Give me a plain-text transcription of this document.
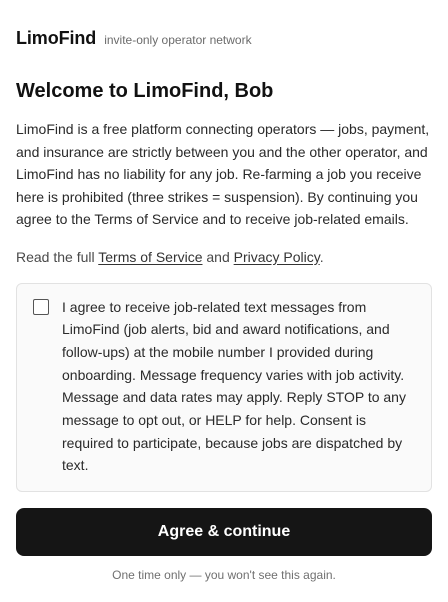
LimoFind invite-only operator network
Welcome to LimoFind, Bob

LimoFind is a free platform connecting operators — jobs, payment, and insurance are strictly between you and the other operator, and LimoFind has no liability for any job. Re-farming a job you receive here is prohibited (three strikes = suspension). By continuing you agree to the Terms of Service and to receive job-related emails.

Read the full Terms of Service and Privacy Policy.

I agree to receive job-related text messages from LimoFind (job alerts, bid and award notifications, and follow-ups) at the mobile number I provided during onboarding. Message frequency varies with job activity. Message and data rates may apply. Reply STOP to any message to opt out, or HELP for help. Consent is required to participate, because jobs are dispatched by text.

Agree & continue

One time only — you won't see this again.
